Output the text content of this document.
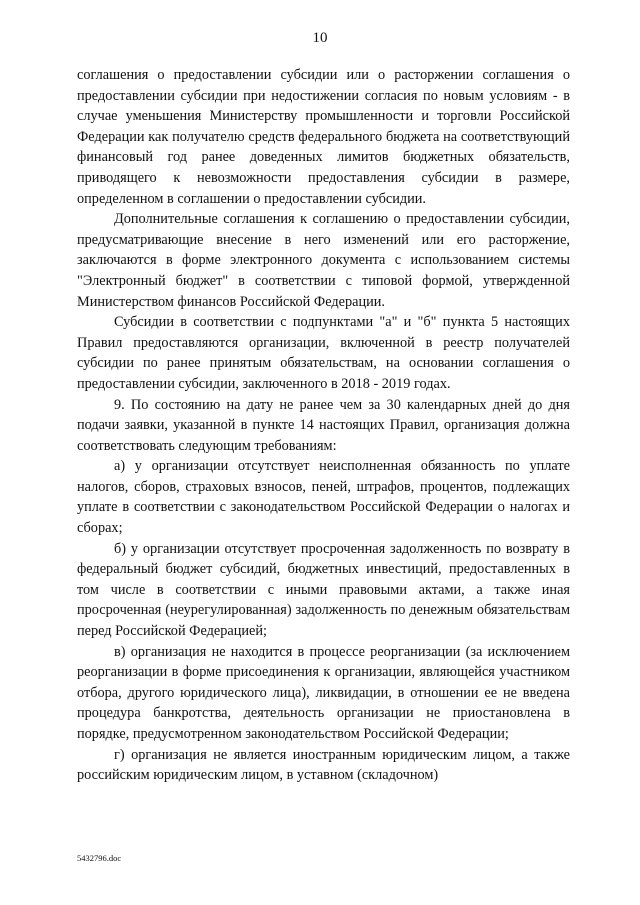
10

соглашения о предоставлении субсидии или о расторжении соглашения о предоставлении субсидии при недостижении согласия по новым условиям - в случае уменьшения Министерству промышленности и торговли Российской Федерации как получателю средств федерального бюджета на соответствующий финансовый год ранее доведенных лимитов бюджетных обязательств, приводящего к невозможности предоставления субсидии в размере, определенном в соглашении о предоставлении субсидии.

Дополнительные соглашения к соглашению о предоставлении субсидии, предусматривающие внесение в него изменений или его расторжение, заключаются в форме электронного документа с использованием системы "Электронный бюджет" в соответствии с типовой формой, утвержденной Министерством финансов Российской Федерации.

Субсидии в соответствии с подпунктами "а" и "б" пункта 5 настоящих Правил предоставляются организации, включенной в реестр получателей субсидии по ранее принятым обязательствам, на основании соглашения о предоставлении субсидии, заключенного в 2018 - 2019 годах.

9. По состоянию на дату не ранее чем за 30 календарных дней до дня подачи заявки, указанной в пункте 14 настоящих Правил, организация должна соответствовать следующим требованиям:

а) у организации отсутствует неисполненная обязанность по уплате налогов, сборов, страховых взносов, пеней, штрафов, процентов, подлежащих уплате в соответствии с законодательством Российской Федерации о налогах и сборах;

б) у организации отсутствует просроченная задолженность по возврату в федеральный бюджет субсидий, бюджетных инвестиций, предоставленных в том числе в соответствии с иными правовыми актами, а также иная просроченная (неурегулированная) задолженность по денежным обязательствам перед Российской Федерацией;

в) организация не находится в процессе реорганизации (за исключением реорганизации в форме присоединения к организации, являющейся участником отбора, другого юридического лица), ликвидации, в отношении ее не введена процедура банкротства, деятельность организации не приостановлена в порядке, предусмотренном законодательством Российской Федерации;

г) организация не является иностранным юридическим лицом, а также российским юридическим лицом, в уставном (складочном)

5432796.doc
